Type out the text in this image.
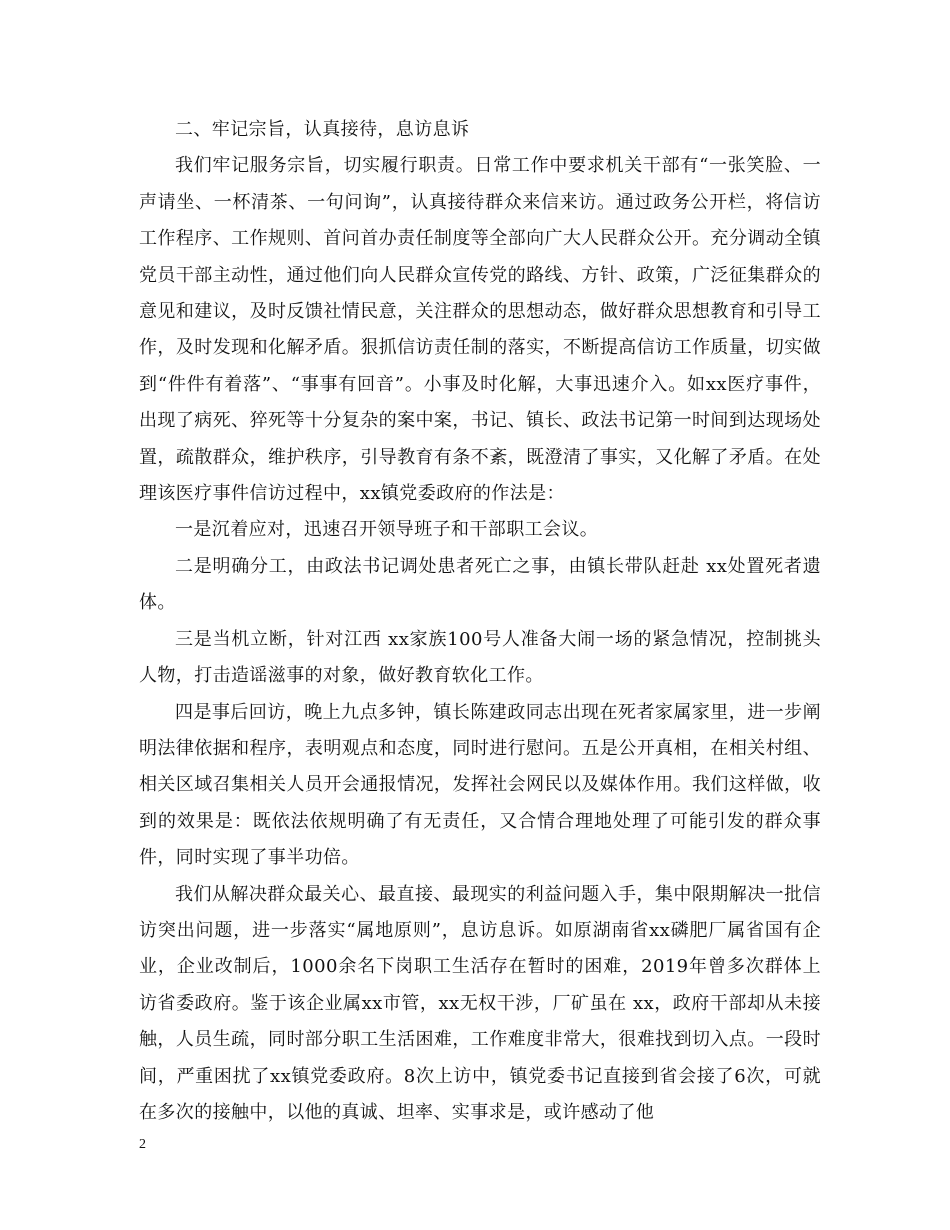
二、牢记宗旨，认真接待，息访息诉

我们牢记服务宗旨，切实履行职责。日常工作中要求机关干部有“一张笑脸、一声请坐、一杯清茶、一句问询”，认真接待群众来信来访。通过政务公开栏，将信访工作程序、工作规则、首问首办责任制度等全部向广大人民群众公开。充分调动全镇党员干部主动性，通过他们向人民群众宣传党的路线、方针、政策，广泛征集群众的意见和建议，及时反馈社情民意，关注群众的思想动态，做好群众思想教育和引导工作，及时发现和化解矛盾。狠抓信访责任制的落实，不断提高信访工作质量，切实做到“件件有着落”、“事事有回音”。小事及时化解，大事迅速介入。如xx医疗事件，出现了病死、猝死等十分复杂的案中案，书记、镇长、政法书记第一时间到达现场处置，疏散群众，维护秩序，引导教育有条不紊，既澄清了事实，又化解了矛盾。在处理该医疗事件信访过程中，xx镇党委政府的作法是：

一是沉着应对，迅速召开领导班子和干部职工会议。

二是明确分工，由政法书记调处患者死亡之事，由镇长带队赶赴 xx处置死者遗体。

三是当机立断，针对江西 xx家族100号人准备大闹一场的紧急情况，控制挑头人物，打击造谣滋事的对象，做好教育软化工作。

四是事后回访，晚上九点多钟，镇长陈建政同志出现在死者家属家里，进一步阐明法律依据和程序，表明观点和态度，同时进行慰问。五是公开真相，在相关村组、相关区域召集相关人员开会通报情况，发挥社会网民以及媒体作用。我们这样做，收到的效果是：既依法依规明确了有无责任，又合情合理地处理了可能引发的群众事件，同时实现了事半功倍。

我们从解决群众最关心、最直接、最现实的利益问题入手，集中限期解决一批信访突出问题，进一步落实“属地原则”，息访息诉。如原湖南省xx磷肥厂属省国有企业，企业改制后，1000余名下岗职工生活存在暂时的困难，2019年曾多次群体上访省委政府。鉴于该企业属xx市管，xx无权干涉，厂矿虽在 xx，政府干部却从未接触，人员生疏，同时部分职工生活困难，工作难度非常大，很难找到切入点。一段时间，严重困扰了xx镇党委政府。8次上访中，镇党委书记直接到省会接了6次，可就在多次的接触中，以他的真诚、坦率、实事求是，或许感动了他

2
